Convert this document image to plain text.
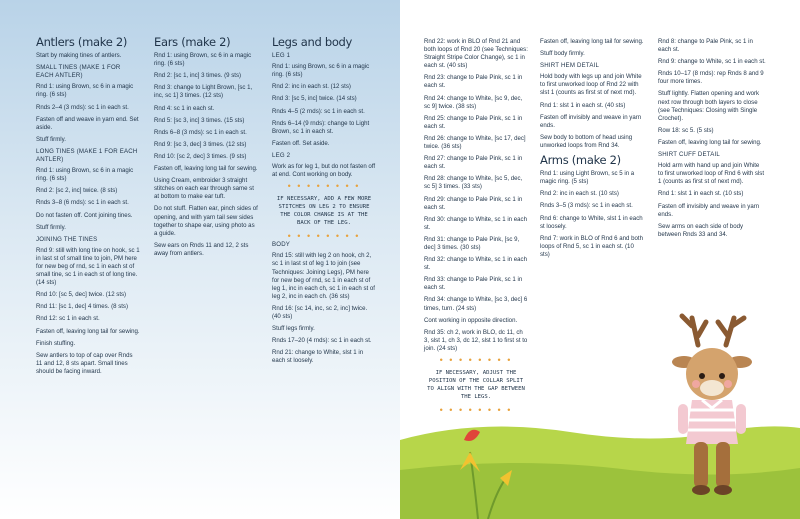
Antlers (make 2)

Start by making tines of antlers.

SMALL TINES (MAKE 1 FOR EACH ANTLER)

Rnd 1: using Brown, sc 6 in a magic ring. (6 sts)

Rnds 2–4 (3 rnds): sc 1 in each st.

Fasten off and weave in yarn end. Set aside.

Stuff firmly.

LONG TINES (MAKE 1 FOR EACH ANTLER)

Rnd 1: using Brown, sc 6 in a magic ring. (6 sts)

Rnd 2: [sc 2, inc] twice. (8 sts)

Rnds 3–8 (6 rnds): sc 1 in each st.

Do not fasten off. Cont joining tines.

Stuff firmly.

JOINING THE TINES

Rnd 9: still with long tine on hook, sc 1 in last st of small tine to join, PM here for new beg of rnd, sc 1 in each st of small tine, sc 1 in each st of long tine. (14 sts)

Rnd 10: [sc 5, dec] twice. (12 sts)

Rnd 11: [sc 1, dec] 4 times. (8 sts)

Rnd 12: sc 1 in each st.

Fasten off, leaving long tail for sewing.

Finish stuffing.

Sew antlers to top of cap over Rnds 11 and 12, 8 sts apart. Small tines should be facing inward.

Ears (make 2)

Rnd 1: using Brown, sc 6 in a magic ring. (6 sts)

Rnd 2: [sc 1, inc] 3 times. (9 sts)

Rnd 3: change to Light Brown, [sc 1, inc, sc 1] 3 times. (12 sts)

Rnd 4: sc 1 in each st.

Rnd 5: [sc 3, inc] 3 times. (15 sts)

Rnds 6–8 (3 rnds): sc 1 in each st.

Rnd 9: [sc 3, dec] 3 times. (12 sts)

Rnd 10: [sc 2, dec] 3 times. (9 sts)

Fasten off, leaving long tail for sewing.

Using Cream, embroider 3 straight stitches on each ear through same st at bottom to make ear tuft.

Do not stuff. Flatten ear, pinch sides of opening, and with yarn tail sew sides together to shape ear, using photo as a guide.

Sew ears on Rnds 11 and 12, 2 sts away from antlers.

Legs and body
LEG 1

Rnd 1: using Brown, sc 6 in a magic ring. (6 sts)

Rnd 2: inc in each st. (12 sts)

Rnd 3: [sc 5, inc] twice. (14 sts)

Rnds 4–5 (2 rnds): sc 1 in each st.

Rnds 6–14 (9 rnds): change to Light Brown, sc 1 in each st.

Fasten off. Set aside.

LEG 2

Work as for leg 1, but do not fasten off at end. Cont working on body.

• • • • • • • •
IF NECESSARY, ADD A FEW MORE STITCHES ON LEG 2 TO ENSURE THE COLOR CHANGE IS AT THE BACK OF THE LEG.
• • • • • • • •
BODY

Rnd 15: still with leg 2 on hook, ch 2, sc 1 in last st of leg 1 to join (see Techniques: Joining Legs), PM here for new beg of rnd, sc 1 in each st of leg 1, inc in each ch, sc 1 in each st of leg 2, inc in each ch. (36 sts)

Rnd 16: [sc 14, inc, sc 2, inc] twice. (40 sts)

Stuff legs firmly.

Rnds 17–20 (4 rnds): sc 1 in each st.

Rnd 21: change to White, slst 1 in each st loosely.

Rnd 22: work in BLO of Rnd 21 and both loops of Rnd 20 (see Techniques: Straight Stripe Color Change), sc 1 in each st. (40 sts)

Rnd 23: change to Pale Pink, sc 1 in each st.

Rnd 24: change to White, [sc 9, dec, sc 9] twice. (38 sts)

Rnd 25: change to Pale Pink, sc 1 in each st.

Rnd 26: change to White, [sc 17, dec] twice. (36 sts)

Rnd 27: change to Pale Pink, sc 1 in each st.

Rnd 28: change to White, [sc 5, dec, sc 5] 3 times. (33 sts)

Rnd 29: change to Pale Pink, sc 1 in each st.

Rnd 30: change to White, sc 1 in each st.

Rnd 31: change to Pale Pink, [sc 9, dec] 3 times. (30 sts)

Rnd 32: change to White, sc 1 in each st.

Rnd 33: change to Pale Pink, sc 1 in each st.

Rnd 34: change to White, [sc 3, dec] 6 times, turn. (24 sts)

Cont working in opposite direction.

Rnd 35: ch 2, work in BLO, dc 11, ch 3, slst 1, ch 3, dc 12, slst 1 to first st to join. (24 sts)

• • • • • • • •
IF NECESSARY, ADJUST THE POSITION OF THE COLLAR SPLIT TO ALIGN WITH THE GAP BETWEEN THE LEGS.
• • • • • • • •

Fasten off, leaving long tail for sewing.

Stuff body firmly.

SHIRT HEM DETAIL

Hold body with legs up and join White to first unworked loop of Rnd 22 with slst 1 (counts as first st of next rnd).

Rnd 1: slst 1 in each st. (40 sts)

Fasten off invisibly and weave in yarn ends.

Sew body to bottom of head using unworked loops from Rnd 34.

Arms (make 2)

Rnd 1: using Light Brown, sc 5 in a magic ring. (5 sts)

Rnd 2: inc in each st. (10 sts)

Rnds 3–5 (3 rnds): sc 1 in each st.

Rnd 6: change to White, slst 1 in each st loosely.

Rnd 7: work in BLO of Rnd 6 and both loops of Rnd 5, sc 1 in each st. (10 sts)

Rnd 8: change to Pale Pink, sc 1 in each st.

Rnd 9: change to White, sc 1 in each st.

Rnds 10–17 (8 rnds): rep Rnds 8 and 9 four more times.

Stuff lightly. Flatten opening and work next row through both layers to close (see Techniques: Closing with Single Crochet).

Row 18: sc 5. (5 sts)

Fasten off, leaving long tail for sewing.

SHIRT CUFF DETAIL

Hold arm with hand up and join White to first unworked loop of Rnd 6 with slst 1 (counts as first st of next rnd).

Rnd 1: slst 1 in each st. (10 sts)

Fasten off invisibly and weave in yarn ends.

Sew arms on each side of body between Rnds 33 and 34.
